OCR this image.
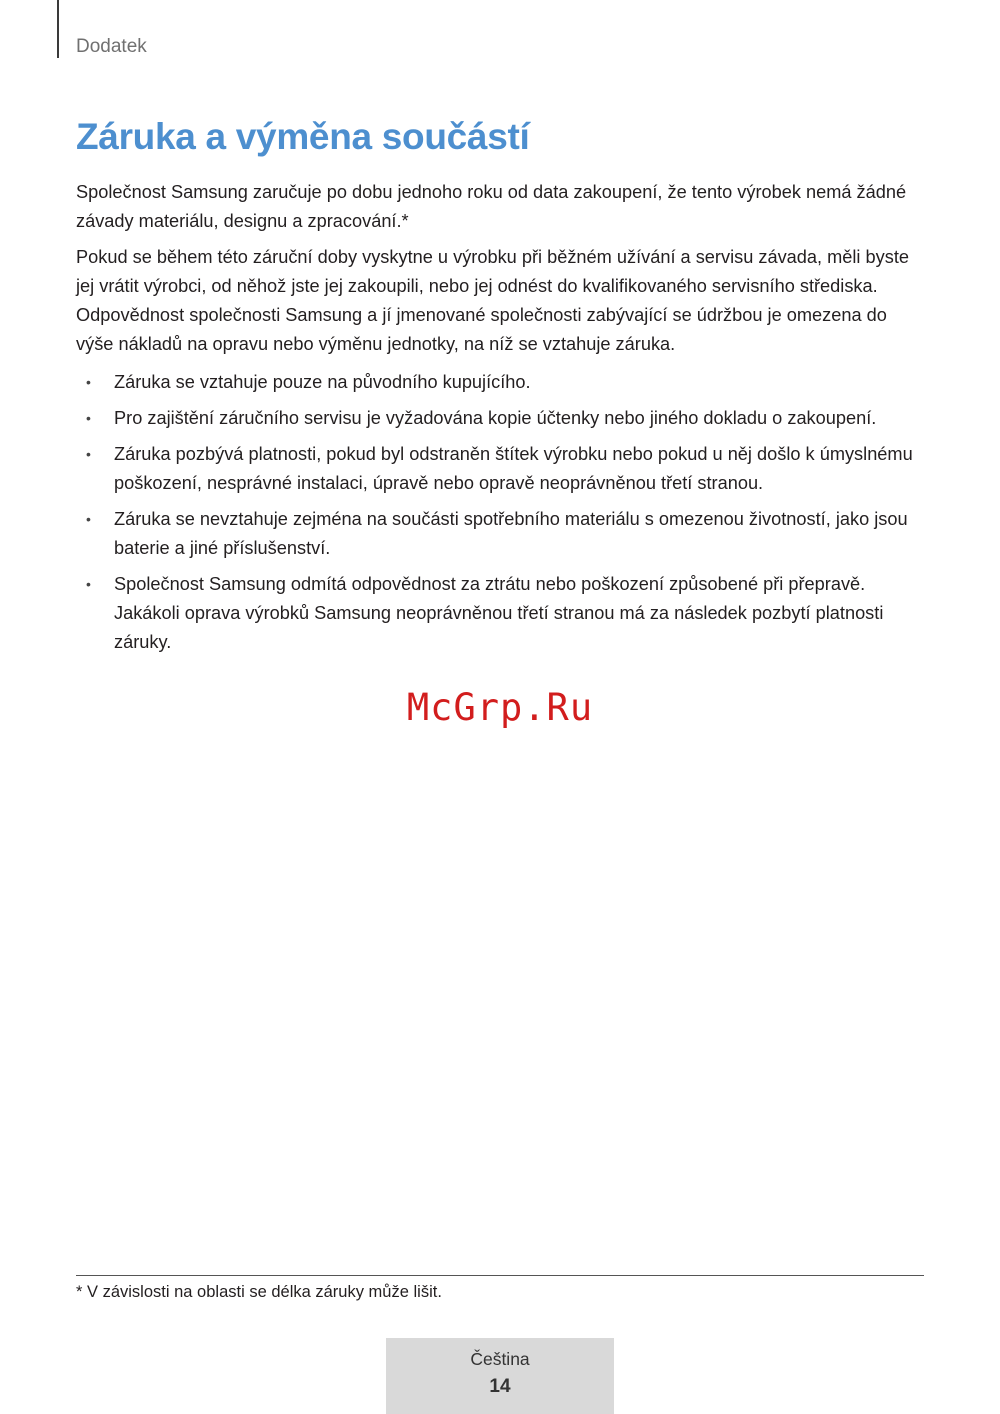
Dodatek
Záruka a výměna součástí

Společnost Samsung zaručuje po dobu jednoho roku od data zakoupení, že tento výrobek nemá žádné závady materiálu, designu a zpracování.*

Pokud se během této záruční doby vyskytne u výrobku při běžném užívání a servisu závada, měli byste jej vrátit výrobci, od něhož jste jej zakoupili, nebo jej odnést do kvalifikovaného servisního střediska. Odpovědnost společnosti Samsung a jí jmenované společnosti zabývající se údržbou je omezena do výše nákladů na opravu nebo výměnu jednotky, na níž se vztahuje záruka.

• Záruka se vztahuje pouze na původního kupujícího.
• Pro zajištění záručního servisu je vyžadována kopie účtenky nebo jiného dokladu o zakoupení.
• Záruka pozbývá platnosti, pokud byl odstraněn štítek výrobku nebo pokud u něj došlo k úmyslnému poškození, nesprávné instalaci, úpravě nebo opravě neoprávněnou třetí stranou.
• Záruka se nevztahuje zejména na součásti spotřebního materiálu s omezenou životností, jako jsou baterie a jiné příslušenství.
• Společnost Samsung odmítá odpovědnost za ztrátu nebo poškození způsobené při přepravě. Jakákoli oprava výrobků Samsung neoprávněnou třetí stranou má za následek pozbytí platnosti záruky.
McGrp.Ru
* V závislosti na oblasti se délka záruky může lišit.
Čeština
14
